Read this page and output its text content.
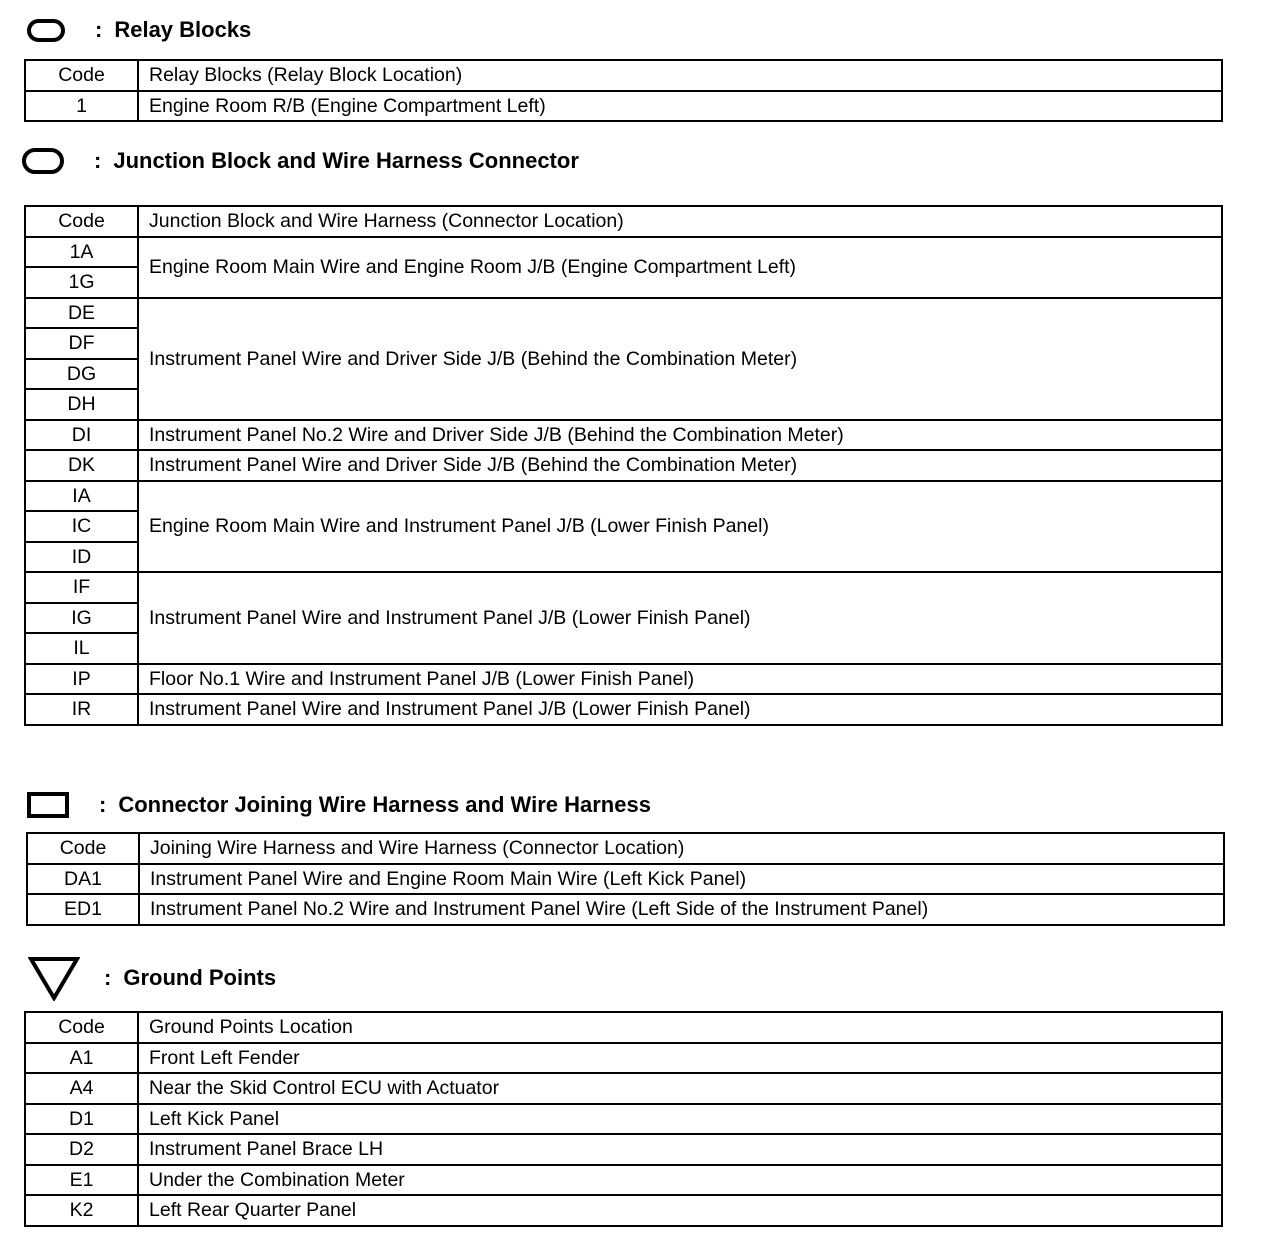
: Relay Blocks
Code	Relay Blocks (Relay Block Location)
1	Engine Room R/B (Engine Compartment Left)
: Junction Block and Wire Harness Connector
Code	Junction Block and Wire Harness (Connector Location)
1A	Engine Room Main Wire and Engine Room J/B (Engine Compartment Left)
1G	
DE	Instrument Panel Wire and Driver Side J/B (Behind the Combination Meter)
DF	
DG	
DH	
DI	Instrument Panel No.2 Wire and Driver Side J/B (Behind the Combination Meter)
DK	Instrument Panel Wire and Driver Side J/B (Behind the Combination Meter)
IA	Engine Room Main Wire and Instrument Panel J/B (Lower Finish Panel)
IC	
ID	
IF	Instrument Panel Wire and Instrument Panel J/B (Lower Finish Panel)
IG	
IL	
IP	Floor No.1 Wire and Instrument Panel J/B (Lower Finish Panel)
IR	Instrument Panel Wire and Instrument Panel J/B (Lower Finish Panel)
: Connector Joining Wire Harness and Wire Harness
Code	Joining Wire Harness and Wire Harness (Connector Location)
DA1	Instrument Panel Wire and Engine Room Main Wire (Left Kick Panel)
ED1	Instrument Panel No.2 Wire and Instrument Panel Wire (Left Side of the Instrument Panel)
: Ground Points
Code	Ground Points Location
A1	Front Left Fender
A4	Near the Skid Control ECU with Actuator
D1	Left Kick Panel
D2	Instrument Panel Brace LH
E1	Under the Combination Meter
K2	Left Rear Quarter Panel
